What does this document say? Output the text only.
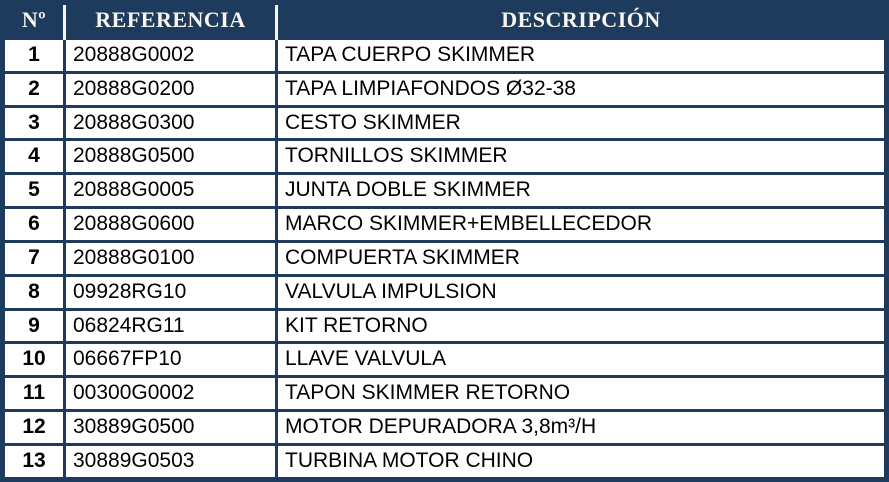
Nº	REFERENCIA	DESCRIPCIÓN
1	20888G0002	TAPA CUERPO SKIMMER
2	20888G0200	TAPA LIMPIAFONDOS Ø32-38
3	20888G0300	CESTO SKIMMER
4	20888G0500	TORNILLOS SKIMMER
5	20888G0005	JUNTA DOBLE SKIMMER
6	20888G0600	MARCO SKIMMER+EMBELLECEDOR
7	20888G0100	COMPUERTA SKIMMER
8	09928RG10	VALVULA IMPULSION
9	06824RG11	KIT RETORNO
10	06667FP10	LLAVE VALVULA
11	00300G0002	TAPON SKIMMER RETORNO
12	30889G0500	MOTOR DEPURADORA 3,8m³/H
13	30889G0503	TURBINA MOTOR CHINO
